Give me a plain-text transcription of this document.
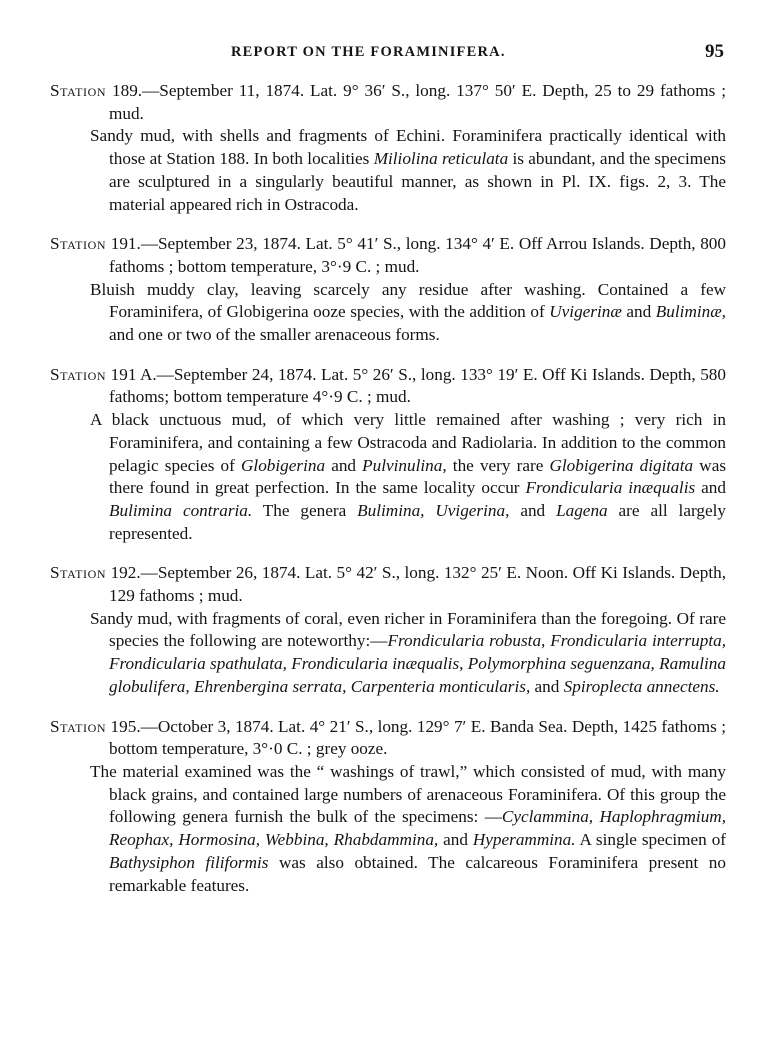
REPORT ON THE FORAMINIFERA.	95

Station 189.—September 11, 1874. Lat. 9° 36′ S., long. 137° 50′ E. Depth, 25 to 29 fathoms ; mud.

Sandy mud, with shells and fragments of Echini. Foraminifera practically identical with those at Station 188. In both localities Miliolina reticulata is abundant, and the specimens are sculptured in a singularly beautiful manner, as shown in Pl. IX. figs. 2, 3. The material appeared rich in Ostracoda.

Station 191.—September 23, 1874. Lat. 5° 41′ S., long. 134° 4′ E. Off Arrou Islands. Depth, 800 fathoms ; bottom temperature, 3°·9 C. ; mud.

Bluish muddy clay, leaving scarcely any residue after washing. Contained a few Foraminifera, of Globigerina ooze species, with the addition of Uvigerinæ and Buliminæ, and one or two of the smaller arenaceous forms.

Station 191 A.—September 24, 1874. Lat. 5° 26′ S., long. 133° 19′ E. Off Ki Islands. Depth, 580 fathoms; bottom temperature 4°·9 C. ; mud.

A black unctuous mud, of which very little remained after washing ; very rich in Foraminifera, and containing a few Ostracoda and Radiolaria. In addition to the common pelagic species of Globigerina and Pulvinulina, the very rare Globigerina digitata was there found in great perfection. In the same locality occur Frondicularia inæqualis and Bulimina contraria. The genera Bulimina, Uvigerina, and Lagena are all largely represented.

Station 192.—September 26, 1874. Lat. 5° 42′ S., long. 132° 25′ E. Noon. Off Ki Islands. Depth, 129 fathoms ; mud.

Sandy mud, with fragments of coral, even richer in Foraminifera than the foregoing. Of rare species the following are noteworthy:—Frondicularia robusta, Frondicularia interrupta, Frondicularia spathulata, Frondicularia inæqualis, Polymorphina seguenzana, Ramulina globulifera, Ehrenbergina serrata, Carpenteria monticularis, and Spiroplecta annectens.

Station 195.—October 3, 1874. Lat. 4° 21′ S., long. 129° 7′ E. Banda Sea. Depth, 1425 fathoms ; bottom temperature, 3°·0 C. ; grey ooze.

The material examined was the “ washings of trawl,” which consisted of mud, with many black grains, and contained large numbers of arenaceous Foraminifera. Of this group the following genera furnish the bulk of the specimens: —Cyclammina, Haplophragmium, Reophax, Hormosina, Webbina, Rhabdammina, and Hyperammina. A single specimen of Bathysiphon filiformis was also obtained. The calcareous Foraminifera present no remarkable features.
